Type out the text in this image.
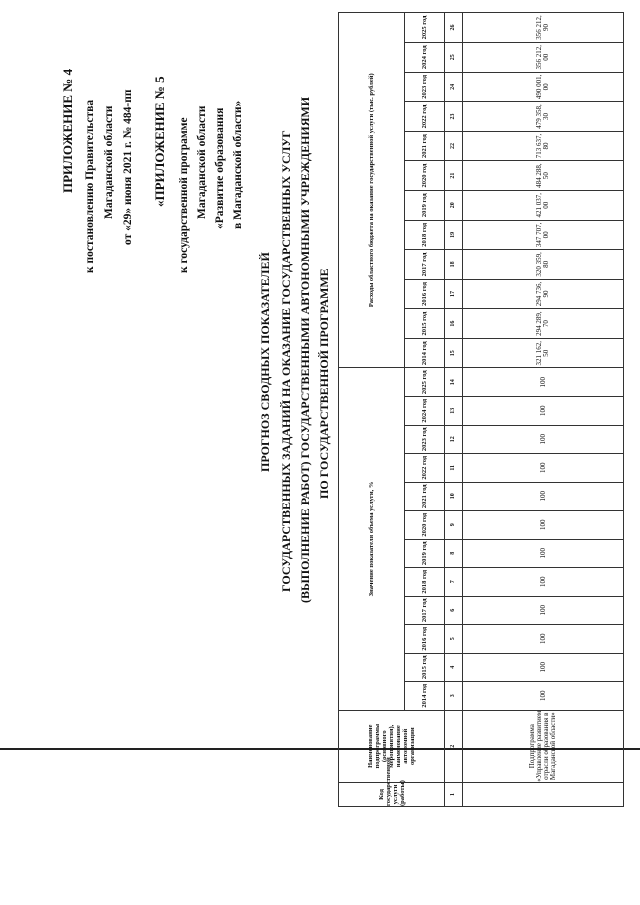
ПРИЛОЖЕНИЕ № 4 к постановлению Правительства Магаданской области от «29» июня 2021 г. № 484-пп «ПРИЛОЖЕНИЕ № 5 к государственной программе Магаданской области «Развитие образования в Магаданской области»
ПРОГНОЗ СВОДНЫХ ПОКАЗАТЕЛЕЙ ГОСУДАРСТВЕННЫХ ЗАДАНИЙ НА ОКАЗАНИЕ ГОСУДАРСТВЕННЫХ УСЛУГ (ВЫПОЛНЕНИЕ РАБОТ) ГОСУДАРСТВЕННЫМИ АВТОНОМНЫМИ УЧРЕЖДЕНИЯМИ ПО ГОСУДАРСТВЕННОЙ ПРОГРАММЕ
Код государственной услуги (работы)	Наименование подпрограммы (основного мероприятия), наименование автономной организации	Значение показателя объема услуги, %												Расходы областного бюджета на оказание государственной услуги (тыс. рублей)											
		2014 год	2015 год	2016 год	2017 год	2018 год	2019 год	2020 год	2021 год	2022 год	2023 год	2024 год	2025 год	2014 год	2015 год	2016 год	2017 год	2018 год	2019 год	2020 год	2021 год	2022 год	2023 год	2024 год	2025 год
1	2	3	4	5	6	7	8	9	10	11	12	13	14	15	16	17	18	19	20	21	22	23	24	25	26
	Подпрограмма «Управление развитием отрасли образования в Магаданской области»	100	100	100	100	100	100	100	100	100	100	100	100	321 162, 50	294 289, 70	294 736, 90	320 359, 80	347 707, 00	421 037, 00	484 288, 50	713 637, 80	479 358, 30	490 001, 00	356 212, 00	356 212, 90
